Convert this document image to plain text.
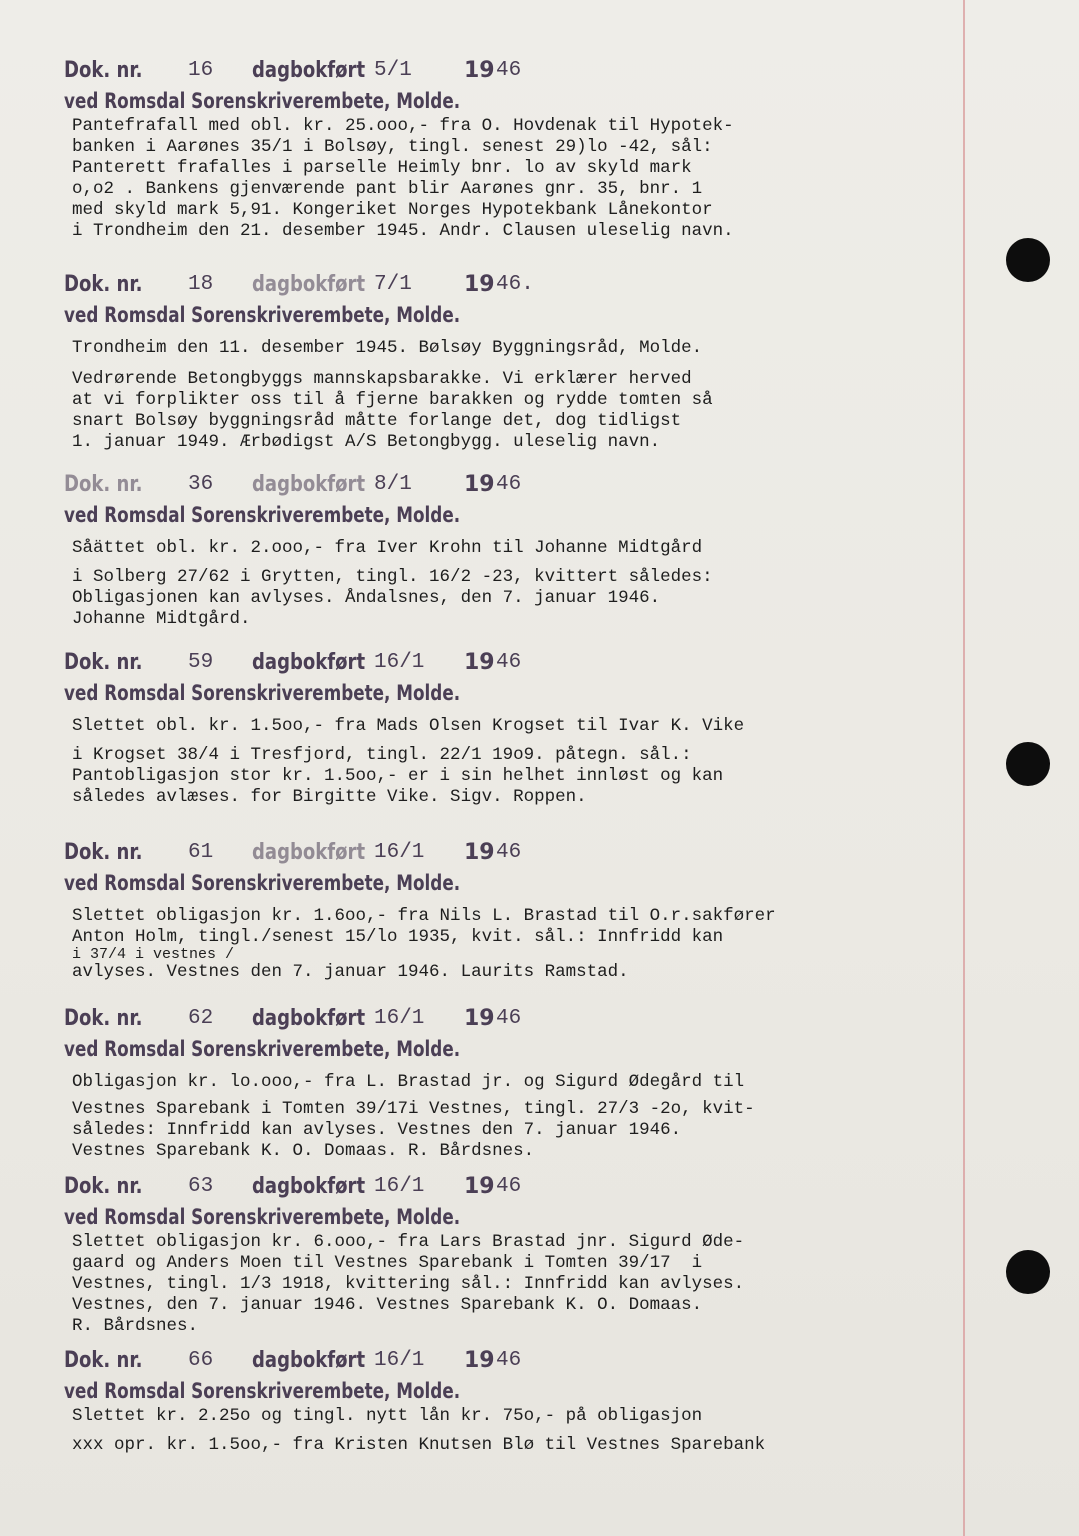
Dok. nr. 16 dagbokført 5/1 19 46
ved Romsdal Sorenskriverembete, Molde.
Pantefrafall med obl. kr. 25.ooo,- fra O. Hovdenak til Hypotek-
banken i Aarønes 35/1 i Bolsøy, tingl. senest 29)lo -42, sål:
Panterett frafalles i parselle Heimly bnr. lo av skyld mark
o,o2 . Bankens gjenværende pant blir Aarønes gnr. 35, bnr. 1
med skyld mark 5,91. Kongeriket Norges Hypotekbank Lånekontor
i Trondheim den 21. desember 1945. Andr. Clausen uleselig navn.
Dok. nr. 18 dagbokført 7/1 19 46.
ved Romsdal Sorenskriverembete, Molde.
Trondheim den 11. desember 1945. Bølsøy Byggningsråd, Molde.
Vedrørende Betongbyggs mannskapsbarakke. Vi erklærer herved
at vi forplikter oss til å fjerne barakken og rydde tomten så
snart Bolsøy byggningsråd måtte forlange det, dog tidligst
1. januar 1949. Ærbødigst A/S Betongbygg. uleselig navn.
Dok. nr. 36 dagbokført 8/1 19 46
ved Romsdal Sorenskriverembete, Molde.
Såättet obl. kr. 2.ooo,- fra Iver Krohn til Johanne Midtgård
i Solberg 27/62 i Grytten, tingl. 16/2 -23, kvittert således:
Obligasjonen kan avlyses. Åndalsnes, den 7. januar 1946.
Johanne Midtgård.
Dok. nr. 59 dagbokført 16/1 19 46
ved Romsdal Sorenskriverembete, Molde.
Slettet obl. kr. 1.5oo,- fra Mads Olsen Krogset til Ivar K. Vike
i Krogset 38/4 i Tresfjord, tingl. 22/1 19o9. påtegn. sål.:
Pantobligasjon stor kr. 1.5oo,- er i sin helhet innløst og kan
således avlæses. for Birgitte Vike. Sigv. Roppen.
Dok. nr. 61 dagbokført 16/1 19 46
ved Romsdal Sorenskriverembete, Molde.
Slettet obligasjon kr. 1.6oo,- fra Nils L. Brastad til O.r.sakfører
Anton Holm, tingl./senest 15/lo 1935, kvit. sål.: Innfridd kan
i 37/4 i vestnes /
avlyses. Vestnes den 7. januar 1946. Laurits Ramstad.
Dok. nr. 62 dagbokført 16/1 19 46
ved Romsdal Sorenskriverembete, Molde.
Obligasjon kr. lo.ooo,- fra L. Brastad jr. og Sigurd Ødegård til
Vestnes Sparebank i Tomten 39/17i Vestnes, tingl. 27/3 -2o, kvit-
således: Innfridd kan avlyses. Vestnes den 7. januar 1946.
Vestnes Sparebank K. O. Domaas. R. Bårdsnes.
Dok. nr. 63 dagbokført 16/1 19 46
ved Romsdal Sorenskriverembete, Molde.
Slettet obligasjon kr. 6.ooo,- fra Lars Brastad jnr. Sigurd Øde-
gaard og Anders Moen til Vestnes Sparebank i Tomten 39/17  i
Vestnes, tingl. 1/3 1918, kvittering sål.: Innfridd kan avlyses.
Vestnes, den 7. januar 1946. Vestnes Sparebank K. O. Domaas.
R. Bårdsnes.
Dok. nr. 66 dagbokført 16/1 19 46
ved Romsdal Sorenskriverembete, Molde.
Slettet kr. 2.25o og tingl. nytt lån kr. 75o,- på obligasjon
xxx opr. kr. 1.5oo,- fra Kristen Knutsen Blø til Vestnes Sparebank
